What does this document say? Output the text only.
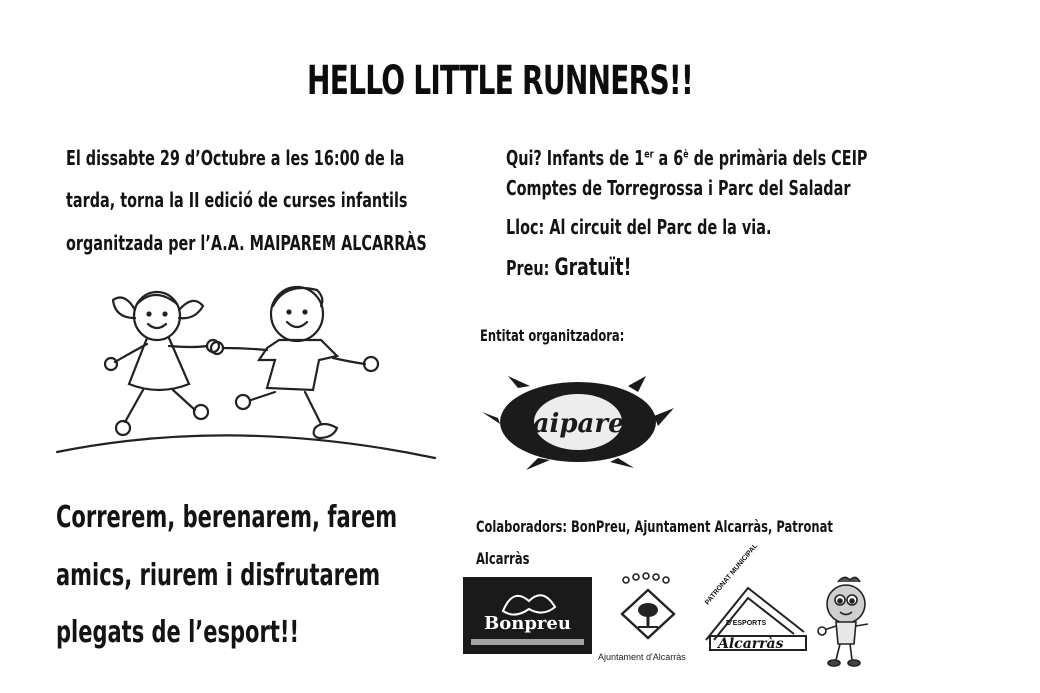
HELLO LITTLE RUNNERS!!
El dissabte 29 d’Octubre a les 16:00 de la
tarda, torna la II edició de curses infantils
organitzada per l’A.A. MAIPAREM ALCARRÀS
Qui? Infants de 1er a $6^è$ de primària dels CEIP
Comptes de Torregrossa i Parc del Saladar
Lloc: Al circuit del Parc de la via.
Preu: Gratuït!
Entitat organitzadora:
Maiparem
Correrem, berenarem, farem
amics, riurem i disfrutarem
plegats de l’esport!!
Colaboradors: BonPreu, Ajuntament Alcarràs, Patronat
Alcarràs
Bonpreu
Ajuntament d'Alcarràs
PATRONAT MUNICIPAL
D'ESPORTS
Alcarràs
